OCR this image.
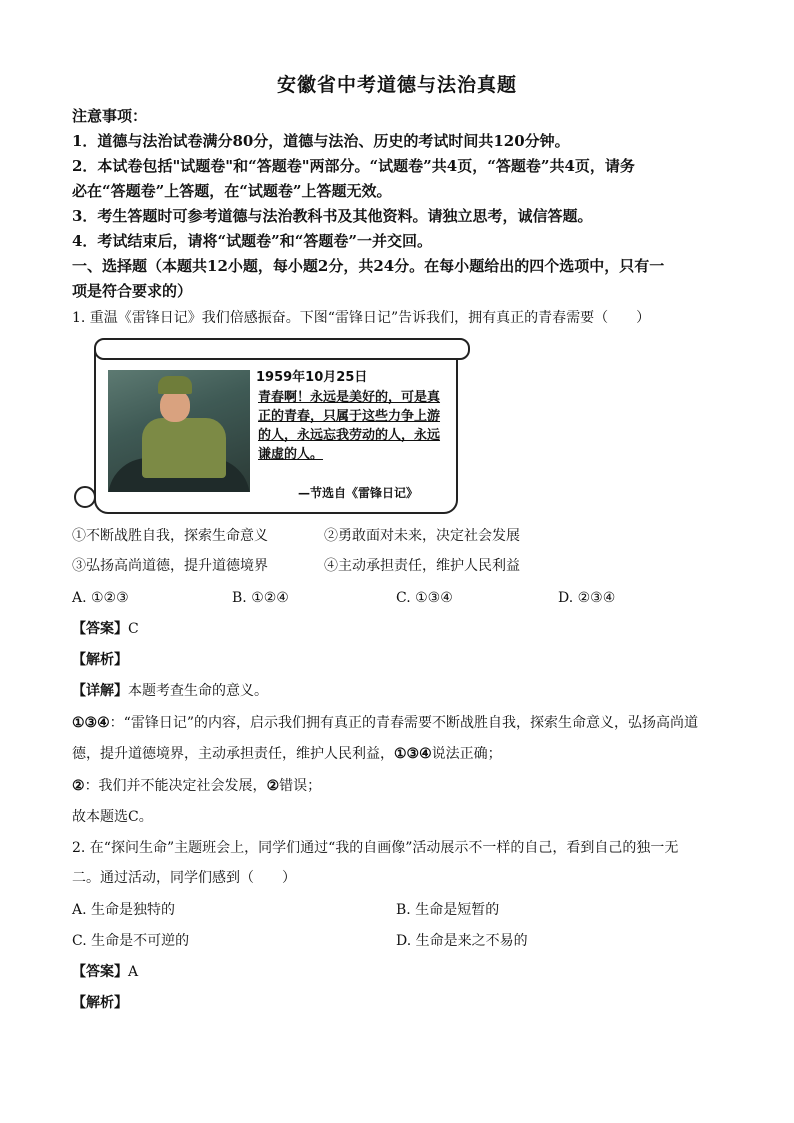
安徽省中考道德与法治真题
注意事项：
1．道德与法治试卷满分80分，道德与法治、历史的考试时间共120分钟。
2．本试卷包括"试题卷"和“答题卷"两部分。“试题卷”共4页，“答题卷”共4页，请务
必在“答题卷”上答题，在“试题卷”上答题无效。
3．考生答题时可参考道德与法治教科书及其他资料。请独立思考，诚信答题。
4．考试结束后，请将“试题卷”和“答题卷”一并交回。
一、选择题（本题共12小题，每小题2分，共24分。在每小题给出的四个选项中，只有一
项是符合要求的）
1. 重温《雷锋日记》我们倍感振奋。下图“雷锋日记”告诉我们，拥有真正的青春需要（　　）
1959年10月25日
青春啊！永远是美好的，可是真正的青春，只属于这些力争上游的人，永远忘我劳动的人，永远谦虚的人。
—节选自《雷锋日记》
①不断战胜自我，探索生命意义	②勇敢面对未来，决定社会发展
③弘扬高尚道德，提升道德境界	④主动承担责任，维护人民利益
A. ①②③	B. ①②④	C. ①③④	D. ②③④
【答案】C
【解析】
【详解】本题考查生命的意义。
①③④：“雷锋日记”的内容，启示我们拥有真正的青春需要不断战胜自我，探索生命意义，弘扬高尚道
德，提升道德境界，主动承担责任，维护人民利益，①③④说法正确；
②：我们并不能决定社会发展，②错误；
故本题选C。
2. 在“探问生命”主题班会上，同学们通过“我的自画像”活动展示不一样的自己，看到自己的独一无
二。通过活动，同学们感到（　　）
A. 生命是独特的	B. 生命是短暂的
C. 生命是不可逆的	D. 生命是来之不易的
【答案】A
【解析】
